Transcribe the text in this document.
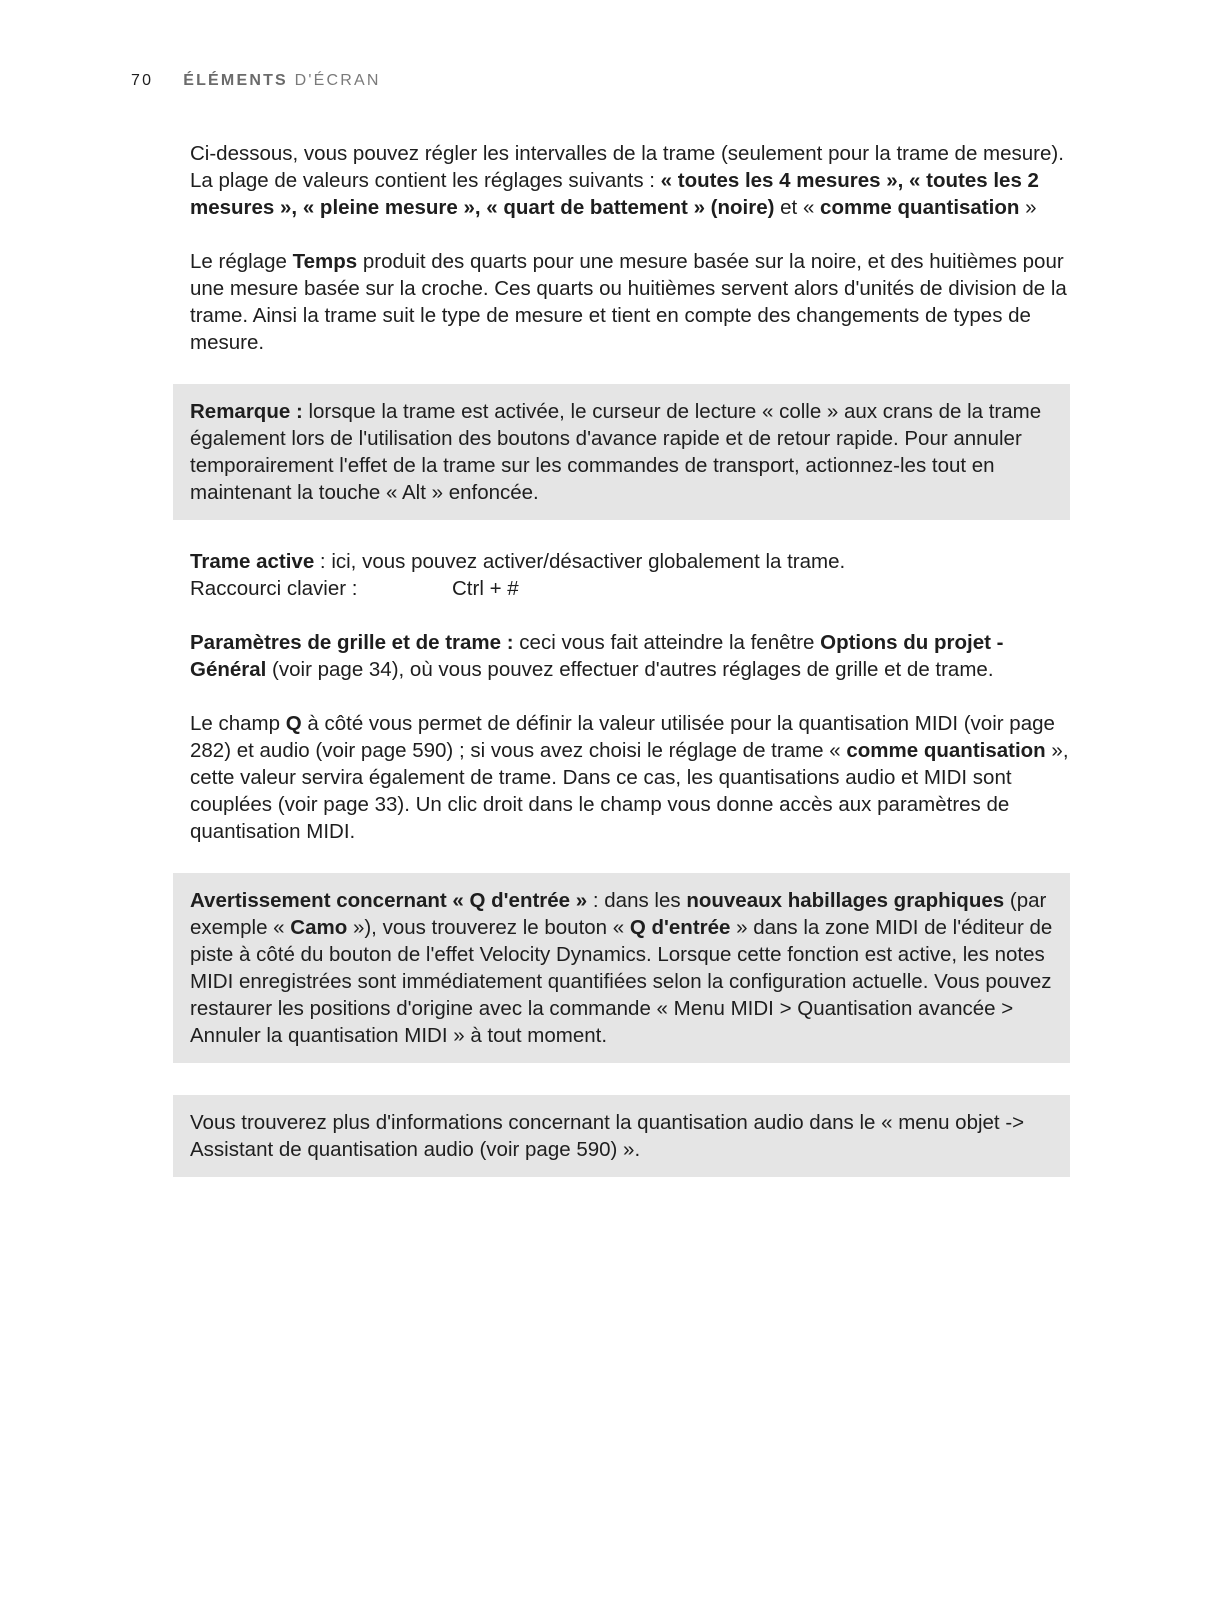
70 ÉLÉMENTS D'ÉCRAN

Ci-dessous, vous pouvez régler les intervalles de la trame (seulement pour la trame de mesure). La plage de valeurs contient les réglages suivants : « toutes les 4 mesures », « toutes les 2 mesures », « pleine mesure », « quart de battement » (noire) et « comme quantisation »

Le réglage Temps produit des quarts pour une mesure basée sur la noire, et des huitièmes pour une mesure basée sur la croche. Ces quarts ou huitièmes servent alors d'unités de division de la trame. Ainsi la trame suit le type de mesure et tient en compte des changements de types de mesure.

Remarque : lorsque la trame est activée, le curseur de lecture « colle » aux crans de la trame également lors de l'utilisation des boutons d'avance rapide et de retour rapide. Pour annuler temporairement l'effet de la trame sur les commandes de transport, actionnez-les tout en maintenant la touche « Alt » enfoncée.

Trame active : ici, vous pouvez activer/désactiver globalement la trame.
Raccourci clavier :	Ctrl + #

Paramètres de grille et de trame : ceci vous fait atteindre la fenêtre Options du projet - Général (voir page 34), où vous pouvez effectuer d'autres réglages de grille et de trame.

Le champ Q à côté vous permet de définir la valeur utilisée pour la quantisation MIDI (voir page 282) et audio (voir page 590) ; si vous avez choisi le réglage de trame « comme quantisation », cette valeur servira également de trame. Dans ce cas, les quantisations audio et MIDI sont couplées (voir page 33). Un clic droit dans le champ vous donne accès aux paramètres de quantisation MIDI.

Avertissement concernant « Q d'entrée » : dans les nouveaux habillages graphiques (par exemple « Camo »), vous trouverez le bouton « Q d'entrée » dans la zone MIDI de l'éditeur de piste à côté du bouton de l'effet Velocity Dynamics. Lorsque cette fonction est active, les notes MIDI enregistrées sont immédiatement quantifiées selon la configuration actuelle. Vous pouvez restaurer les positions d'origine avec la commande « Menu MIDI > Quantisation avancée > Annuler la quantisation MIDI » à tout moment.

Vous trouverez plus d'informations concernant la quantisation audio dans le « menu objet -> Assistant de quantisation audio (voir page 590) ».
